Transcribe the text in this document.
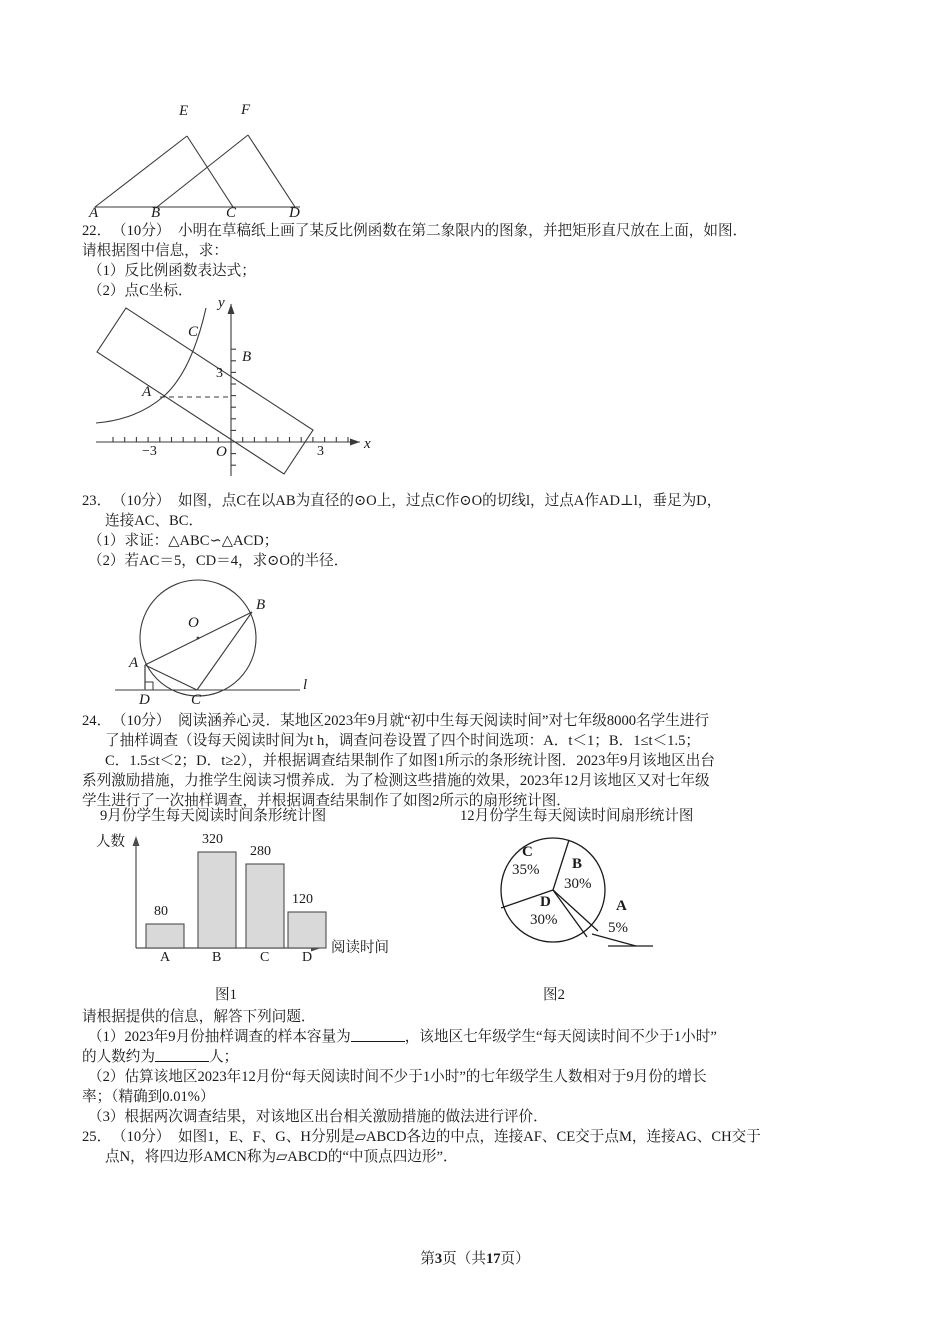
E	F
A	B	C	D
22． （10分） 小明在草稿纸上画了某反比例函数在第二象限内的图象，并把矩形直尺放在上面，如图．
请根据图中信息，求：
（1）反比例函数表达式；
（2）点C坐标．
x
y
O
−3	3
3
A
B
C
23． （10分） 如图，点C在以AB为直径的⊙O上，过点C作⊙O的切线l，过点A作AD⊥l，垂足为D，
连接AC、BC．
（1）求证：△ABC∽△ACD；
（2）若AC＝5，CD＝4，求⊙O的半径．
O
A
B
C
D
l
24． （10分） 阅读涵养心灵．某地区2023年9月就“初中生每天阅读时间”对七年级8000名学生进行
了抽样调查（设每天阅读时间为t h，调查问卷设置了四个时间选项：A．t＜1；B．1≤t＜1.5；
C．1.5≤t＜2；D．t≥2），并根据调查结果制作了如图1所示的条形统计图．2023年9月该地区出台
系列激励措施，力推学生阅读习惯养成．为了检测这些措施的效果，2023年12月该地区又对七年级
学生进行了一次抽样调查，并根据调查结果制作了如图2所示的扇形统计图．
9月份学生每天阅读时间条形统计图	12月份学生每天阅读时间扇形统计图
人数
阅读时间
80
320
280
120
A	B	C D
C
35% B
30%
D
30%
A
5%
图1	图2
请根据提供的信息，解答下列问题．
（1）2023年9月份抽样调查的样本容量为	，该地区七年级学生“每天阅读时间不少于1小时”
的人数约为	人；
（2）估算该地区2023年12月份“每天阅读时间不少于1小时”的七年级学生人数相对于9月份的增长
率；（精确到0.01%）
（3）根据两次调查结果，对该地区出台相关激励措施的做法进行评价．
25． （10分） 如图1，E、F、G、H分别是▱ABCD各边的中点，连接AF、CE交于点M，连接AG、CH交于
点N，将四边形AMCN称为▱ABCD的“中顶点四边形”．
第3页（共17页）
